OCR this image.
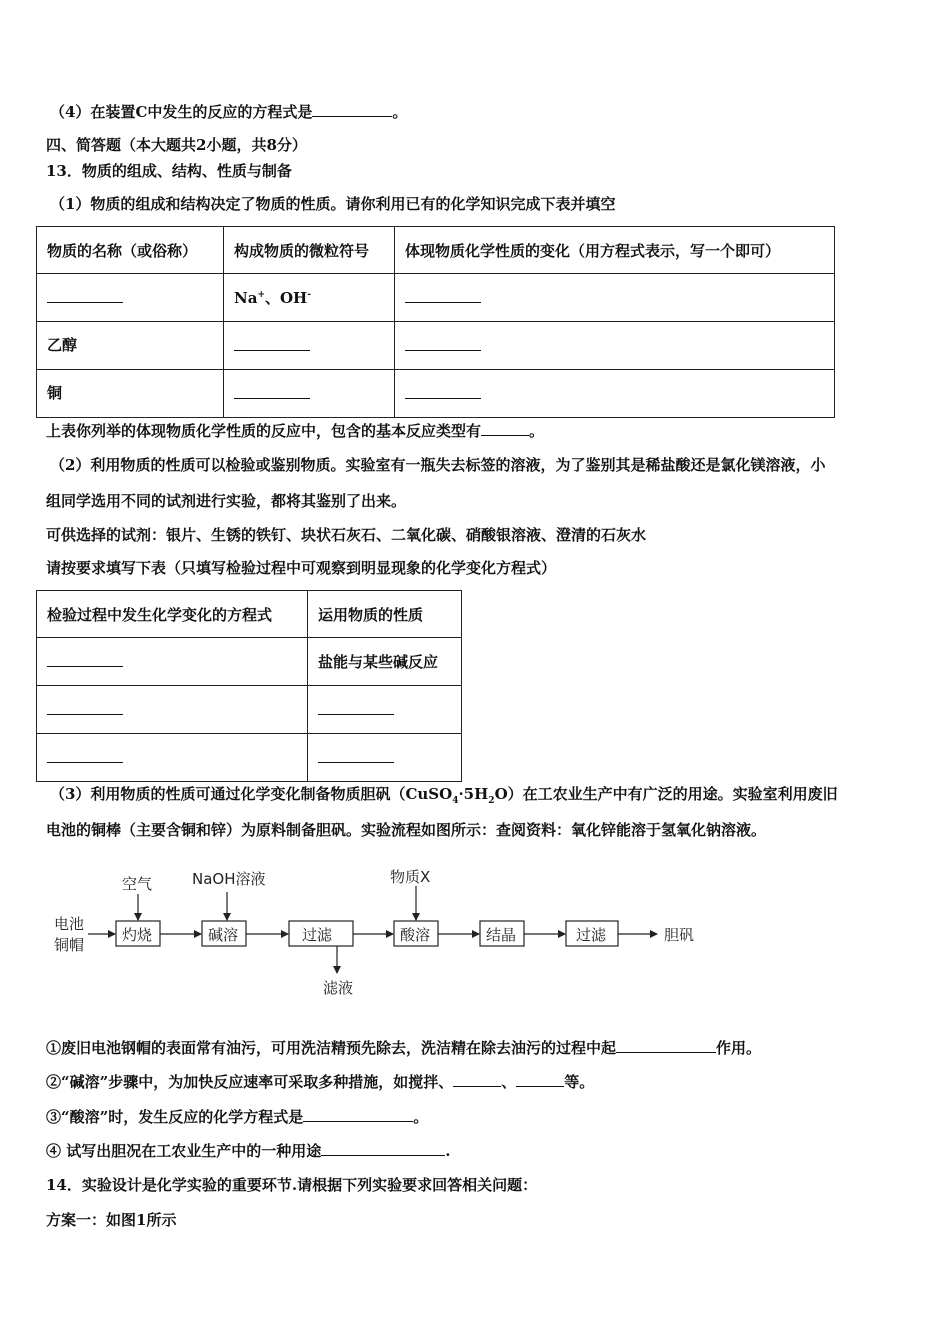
（4）在装置C中发生的反应的方程式是	。
四、简答题（本大题共2小题，共8分）
13．物质的组成、结构、性质与制备
（1）物质的组成和结构决定了物质的性质。请你利用已有的化学知识完成下表并填空
物质的名称（或俗称）	构成物质的微粒符号	体现物质化学性质的变化（用方程式表示，写一个即可）
	Na+、OH-	
乙醇		
铜		
上表你列举的体现物质化学性质的反应中，包含的基本反应类型有	。
（2）利用物质的性质可以检验或鉴别物质。实验室有一瓶失去标签的溶液，为了鉴别其是稀盐酸还是氯化镁溶液，小
组同学选用不同的试剂进行实验，都将其鉴别了出来。
可供选择的试剂：银片、生锈的铁钉、块状石灰石、二氧化碳、硝酸银溶液、澄清的石灰水
请按要求填写下表（只填写检验过程中可观察到明显现象的化学变化方程式）
检验过程中发生化学变化的方程式	运用物质的性质
	盐能与某些碱反应

（3）利用物质的性质可通过化学变化制备物质胆矾$(CuSO_4\cdot 5H_2O)$在工农业生产中有广泛的用途。实验室利用废旧
电池的铜棒（主要含铜和锌）为原料制备胆矾。实验流程如图所示：查阅资料：氧化锌能溶于氢氧化钠溶液。
电池
铜帽
空气	NaOH溶液	物质X
灼烧	碱溶	过滤	酸溶	结晶	过滤
滤液
胆矾
①废旧电池钢帽的表面常有油污，可用洗洁精预先除去，洗洁精在除去油污的过程中起	作用。
②“碱溶”步骤中，为加快反应速率可采取多种措施，如搅拌、	、	等。
③“酸溶”时，发生反应的化学方程式是	。
④ 试写出胆况在工农业生产中的一种用途	.
14．实验设计是化学实验的重要环节.请根据下列实验要求回答相关问题：
方案一：如图1所示
